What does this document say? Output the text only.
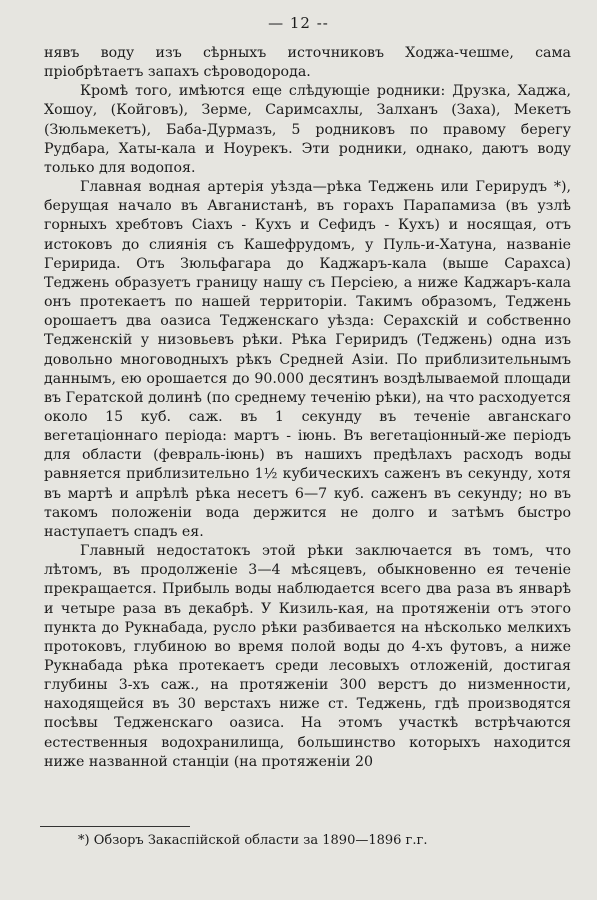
— 12 --

нявъ воду изъ сѣрныхъ источниковъ Ходжа-чешме, сама пріобрѣтаетъ запахъ сѣроводорода.

Кромѣ того, имѣются еще слѣдующіе родники: Друзка, Хаджа, Хошоу, (Койговъ), Зерме, Саримсахлы, Залханъ (Заха), Мекетъ (Зюльмекетъ), Баба-Дурмазъ, 5 родниковъ по правому берегу Рудбара, Хаты-кала и Ноурекъ. Эти родники, однако, даютъ воду только для водопоя.

Главная водная артерія уѣзда—рѣка Теджень или Герирудъ *), берущая начало въ Авганистанѣ, въ горахъ Парапамиза (въ узлѣ горныхъ хребтовъ Сіахъ - Кухъ и Сефидъ - Кухъ) и носящая, отъ истоковъ до слиянія съ Кашефрудомъ, у Пуль-и-Хатуна, названіе Геририда. Отъ Зюльфагара до Каджаръ-кала (выше Сарахса) Теджень образуетъ границу нашу съ Персіею, а ниже Каджаръ-кала онъ протекаетъ по нашей территоріи. Такимъ образомъ, Теджень орошаетъ два оазиса Тедженскаго уѣзда: Сераxскій и собственно Тедженскій у низовьевъ рѣки. Рѣка Гериридъ (Теджень) одна изъ довольно многоводныхъ рѣкъ Средней Азіи. По приблизительнымъ даннымъ, ею орошается до 90.000 десятинъ воздѣлываемой площади въ Гератской долинѣ (по среднему теченію рѣки), на что расходуется около 15 куб. саж. въ 1 секунду въ теченіе авганскаго вегетаціоннаго періода: мартъ - іюнь. Въ вегетаціонный-же періодъ для области (февраль-іюнь) въ нашихъ предѣлахъ расходъ воды равняется приблизительно 1½ кубическихъ саженъ въ секунду, хотя въ мартѣ и апрѣлѣ рѣка несетъ 6—7 куб. саженъ въ секунду; но въ такомъ положеніи вода держится не долго и затѣмъ быстро наступаетъ спадъ ея.

Главный недостатокъ этой рѣки заключается въ томъ, что лѣтомъ, въ продолженіе 3—4 мѣсяцевъ, обыкновенно ея теченіе прекращается. Прибыль воды наблюдается всего два раза въ январѣ и четыре раза въ декабрѣ. У Кизиль-кая, на протяженіи отъ этого пункта до Рукнабада, русло рѣки разбивается на нѣсколько мелкихъ протоковъ, глубиною во время полой воды до 4-хъ футовъ, а ниже Рукнабада рѣка протекаетъ среди лесовыхъ отложеній, достигая глубины 3-хъ саж., на протяженіи 300 верстъ до низменности, находящейся въ 30 верстахъ ниже ст. Теджень, гдѣ производятся посѣвы Тедженскаго оазиса. На этомъ участкѣ встрѣчаются естественныя водохранилища, большинство которыхъ находится ниже названной станціи (на протяженіи 20

*) Обзоръ Закаспійской области за 1890—1896 г.г.
